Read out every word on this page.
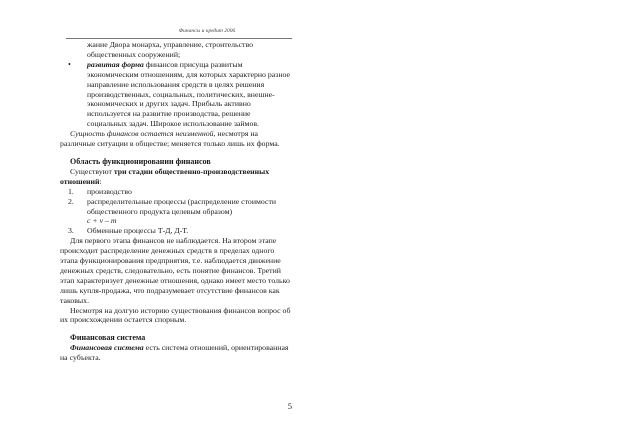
Финансы и кредит 2006

жание Двора монарха, управление, строительство общественных сооружений;

• развитая форма финансов присуща развитым экономическим отношениям, для которых характерно разное направление использования средств в целях решения производственных, социальных, политических, внешне-экономических и других задач. Прибыль активно используется на развитие производства, решение социальных задач. Широкое использование займов.

Сущность финансов остается неизменной, несмотря на различные ситуации в обществе; меняется только лишь их форма.

Область функционировании финансов

Существуют три стадии общественно-производственных отношений:

1. производство

2. распределительные процессы (распределение стоимости общественного продукта целевым образом)

c + v – m

3. Обменные процессы Т-Д, Д-Т.

Для первого этапа финансов не наблюдается. На втором этапе происходит распределение денежных средств в пределах одного этапа функционирования предприятия, т.е. наблюдается движение денежных средств, следовательно, есть понятие финансов. Третий этап характеризует денежные отношения, однако имеет место только лишь купля-продажа, что подразумевает отсутствие финансов как таковых.

Несмотря на долгую историю существования финансов вопрос об их происхождении остается спорным.

Финансовая система

Финансовая система есть система отношений, ориентированная на субъекта.

5
